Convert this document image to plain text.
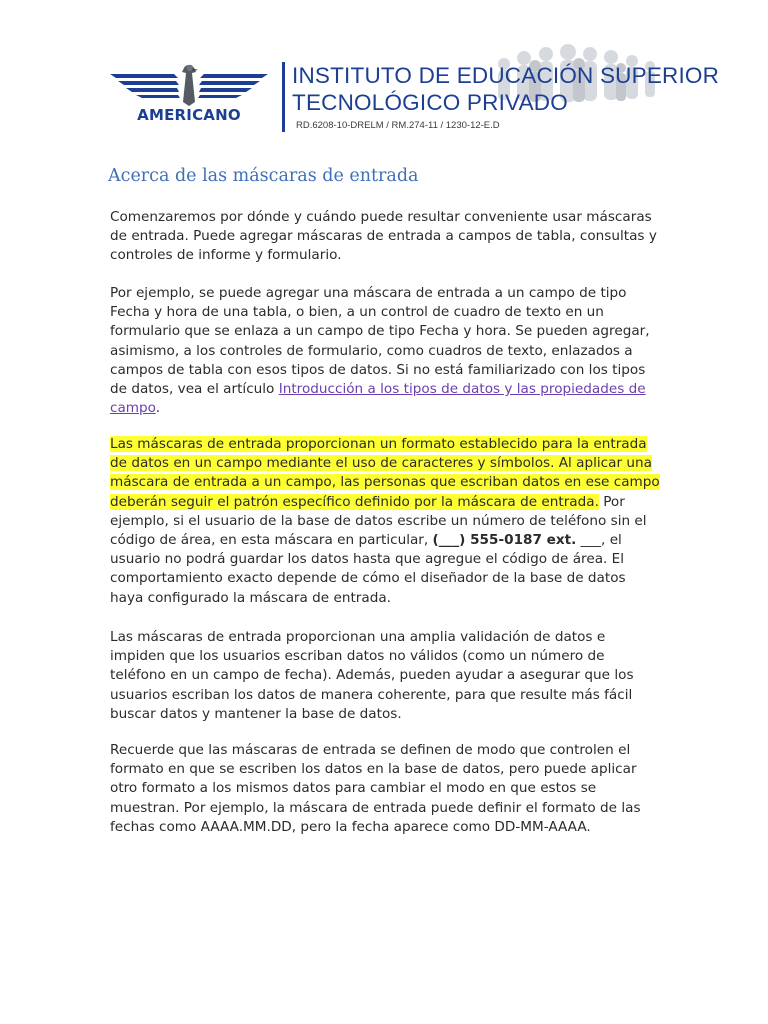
AMERICANO
INSTITUTO DE EDUCACIÓN SUPERIOR
TECNOLÓGICO PRIVADO
RD.6208-10-DRELM / RM.274-11 / 1230-12-E.D
Acerca de las máscaras de entrada

Comenzaremos por dónde y cuándo puede resultar conveniente usar máscaras
de entrada. Puede agregar máscaras de entrada a campos de tabla, consultas y
controles de informe y formulario.

Por ejemplo, se puede agregar una máscara de entrada a un campo de tipo
Fecha y hora de una tabla, o bien, a un control de cuadro de texto en un
formulario que se enlaza a un campo de tipo Fecha y hora. Se pueden agregar,
asimismo, a los controles de formulario, como cuadros de texto, enlazados a
campos de tabla con esos tipos de datos. Si no está familiarizado con los tipos
de datos, vea el artículo Introducción a los tipos de datos y las propiedades de
campo.

Las máscaras de entrada proporcionan un formato establecido para la entrada
de datos en un campo mediante el uso de caracteres y símbolos. Al aplicar una
máscara de entrada a un campo, las personas que escriban datos en ese campo
deberán seguir el patrón específico definido por la máscara de entrada. Por
ejemplo, si el usuario de la base de datos escribe un número de teléfono sin el
código de área, en esta máscara en particular, (___) 555-0187 ext. ___, el
usuario no podrá guardar los datos hasta que agregue el código de área. El
comportamiento exacto depende de cómo el diseñador de la base de datos
haya configurado la máscara de entrada.

Las máscaras de entrada proporcionan una amplia validación de datos e
impiden que los usuarios escriban datos no válidos (como un número de
teléfono en un campo de fecha). Además, pueden ayudar a asegurar que los
usuarios escriban los datos de manera coherente, para que resulte más fácil
buscar datos y mantener la base de datos.

Recuerde que las máscaras de entrada se definen de modo que controlen el
formato en que se escriben los datos en la base de datos, pero puede aplicar
otro formato a los mismos datos para cambiar el modo en que estos se
muestran. Por ejemplo, la máscara de entrada puede definir el formato de las
fechas como AAAA.MM.DD, pero la fecha aparece como DD-MM-AAAA.
